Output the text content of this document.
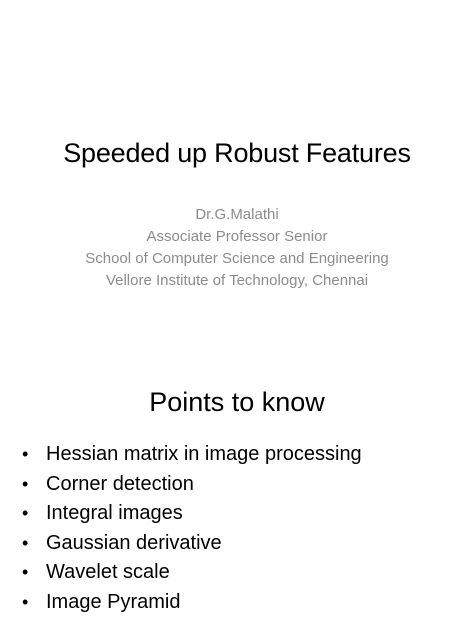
Speeded up Robust Features
Dr.G.Malathi
Associate Professor Senior
School of Computer Science and Engineering
Vellore Institute of Technology, Chennai
Points to know
• Hessian matrix in image processing
• Corner detection
• Integral images
• Gaussian derivative
• Wavelet scale
• Image Pyramid
